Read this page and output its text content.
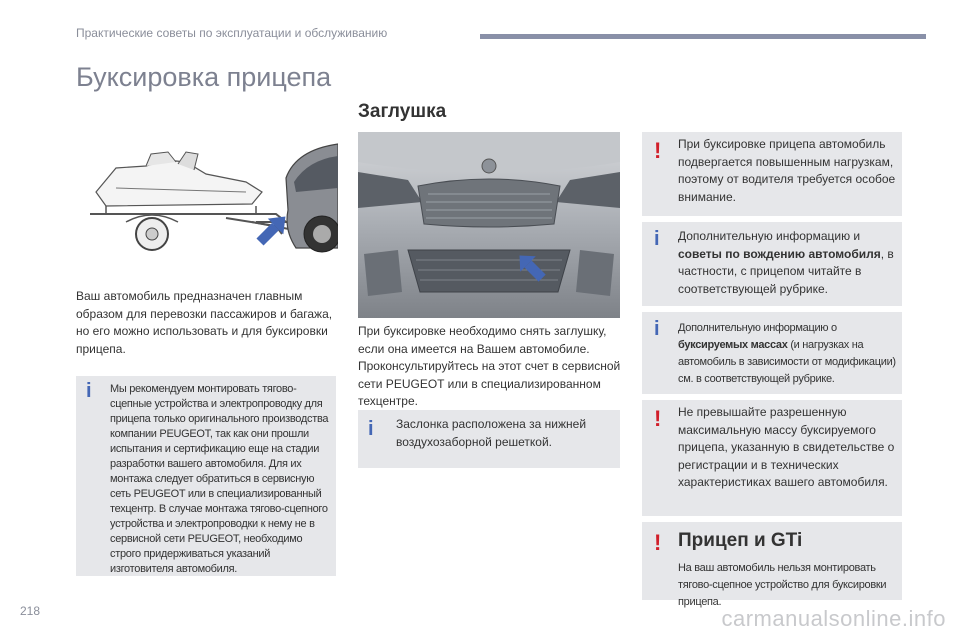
Практические советы по эксплуатации и обслуживанию
Буксировка прицепа
Ваш автомобиль предназначен главным образом для перевозки пассажиров и багажа, но его можно использовать и для буксировки прицепа.
i Мы рекомендуем монтировать тягово-сцепные устройства и электропроводку для прицепа только оригинального производства компании PEUGEOT, так как они прошли испытания и сертификацию еще на стадии разработки вашего автомобиля. Для их монтажа следует обратиться в сервисную сеть PEUGEOT или в специализированный техцентр. В случае монтажа тягово-сцепного устройства и электропроводки к нему не в сервисной сети PEUGEOT, необходимо строго придерживаться указаний изготовителя автомобиля.
Заглушка
При буксировке необходимо снять заглушку, если она имеется на Вашем автомобиле. Проконсультируйтесь на этот счет в сервисной сети PEUGEOT или в специализированном техцентре.
i Заслонка расположена за нижней воздухозаборной решеткой.
! При буксировке прицепа автомобиль подвергается повышенным нагрузкам, поэтому от водителя требуется особое внимание.
i Дополнительную информацию и советы по вождению автомобиля, в частности, с прицепом читайте в соответствующей рубрике.
i Дополнительную информацию о буксируемых массах (и нагрузках на автомобиль в зависимости от модификации) см. в соответствующей рубрике.
! Не превышайте разрешенную максимальную массу буксируемого прицепа, указанную в свидетельстве о регистрации и в технических характеристиках вашего автомобиля.
! Прицеп и GTi
На ваш автомобиль нельзя монтировать тягово-сцепное устройство для буксировки прицепа.
218	carmanualsonline.info
